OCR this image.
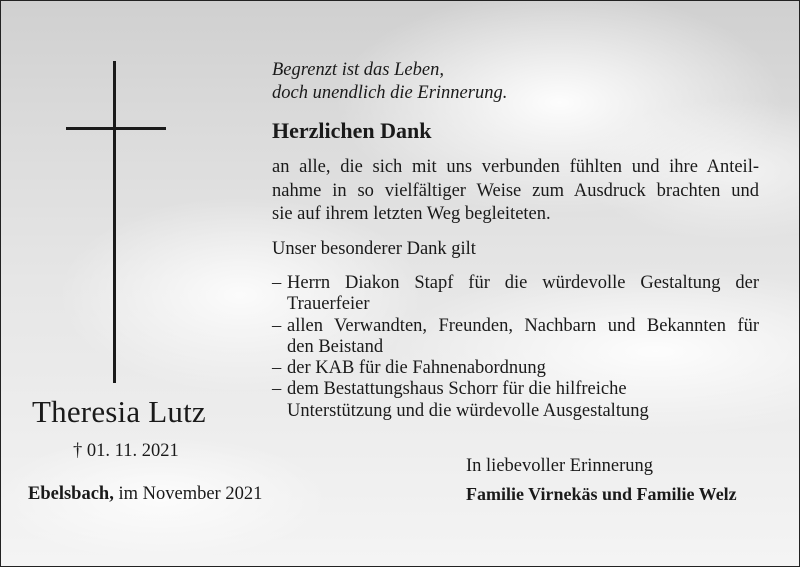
Begrenzt ist das Leben,
doch unendlich die Erinnerung.
Herzlichen Dank

an alle, die sich mit uns verbunden fühlten und ihre Anteil-
nahme in so vielfältiger Weise zum Ausdruck brachten und
sie auf ihrem letzten Weg begleiteten.

Unser besonderer Dank gilt

– Herrn Diakon Stapf für die würdevolle Gestaltung der
Trauerfeier
– allen Verwandten, Freunden, Nachbarn und Bekannten für
den Beistand
– der KAB für die Fahnenabordnung
– dem Bestattungshaus Schorr für die hilfreiche
Unterstützung und die würdevolle Ausgestaltung
Theresia Lutz
† 01. 11. 2021
Ebelsbach, im November 2021
In liebevoller Erinnerung
Familie Virnekäs und Familie Welz
